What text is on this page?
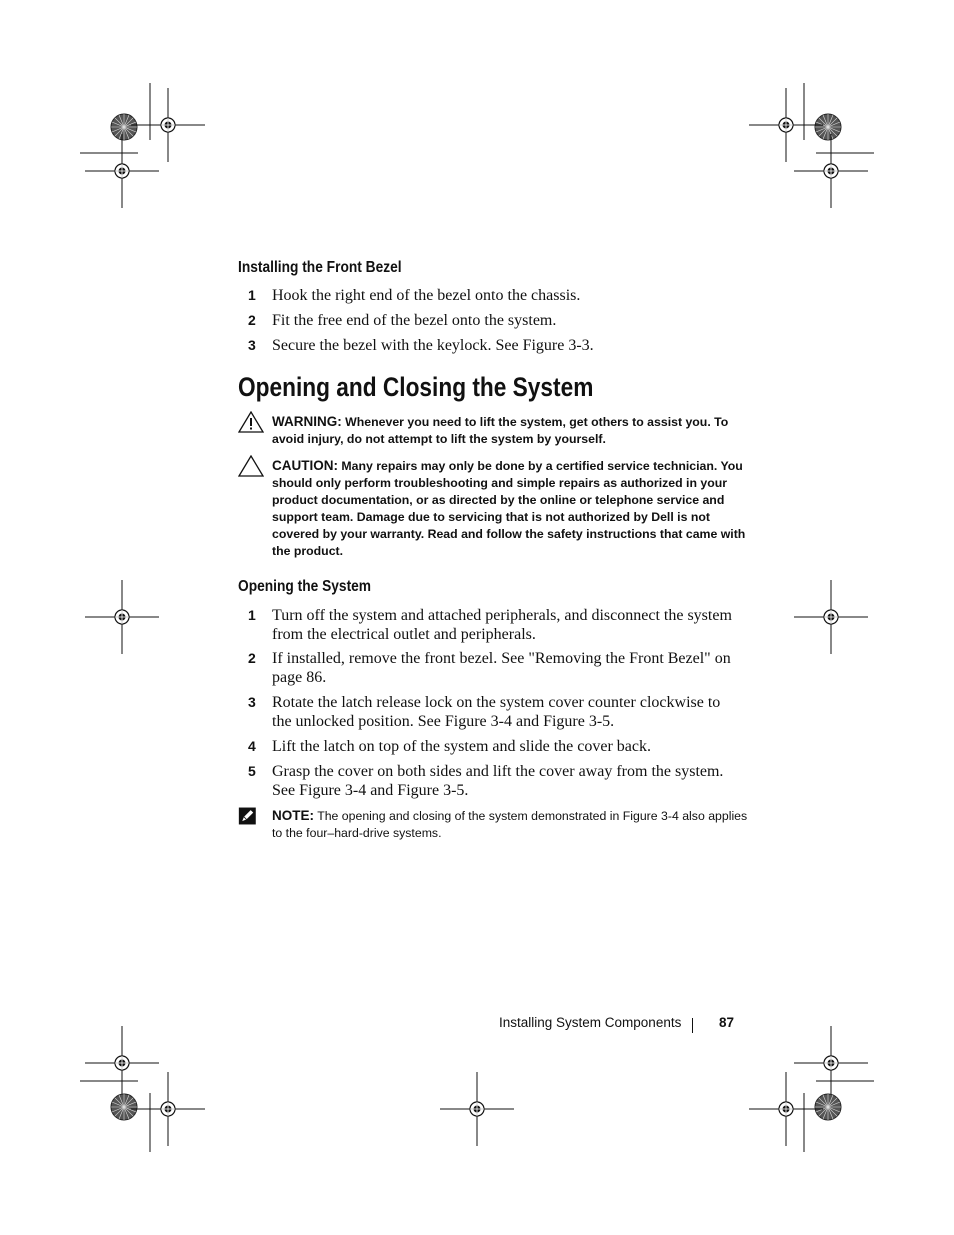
Installing the Front Bezel
1 Hook the right end of the bezel onto the chassis.
2 Fit the free end of the bezel onto the system.
3 Secure the bezel with the keylock. See Figure 3-3.
Opening and Closing the System
WARNING: Whenever you need to lift the system, get others to assist you. To avoid injury, do not attempt to lift the system by yourself.
CAUTION: Many repairs may only be done by a certified service technician. You should only perform troubleshooting and simple repairs as authorized in your product documentation, or as directed by the online or telephone service and support team. Damage due to servicing that is not authorized by Dell is not covered by your warranty. Read and follow the safety instructions that came with the product.
Opening the System
1 Turn off the system and attached peripherals, and disconnect the system from the electrical outlet and peripherals.
2 If installed, remove the front bezel. See "Removing the Front Bezel" on page 86.
3 Rotate the latch release lock on the system cover counter clockwise to the unlocked position. See Figure 3-4 and Figure 3-5.
4 Lift the latch on top of the system and slide the cover back.
5 Grasp the cover on both sides and lift the cover away from the system. See Figure 3-4 and Figure 3-5.
NOTE: The opening and closing of the system demonstrated in Figure 3-4 also applies to the four–hard-drive systems.
Installing System Components	87
